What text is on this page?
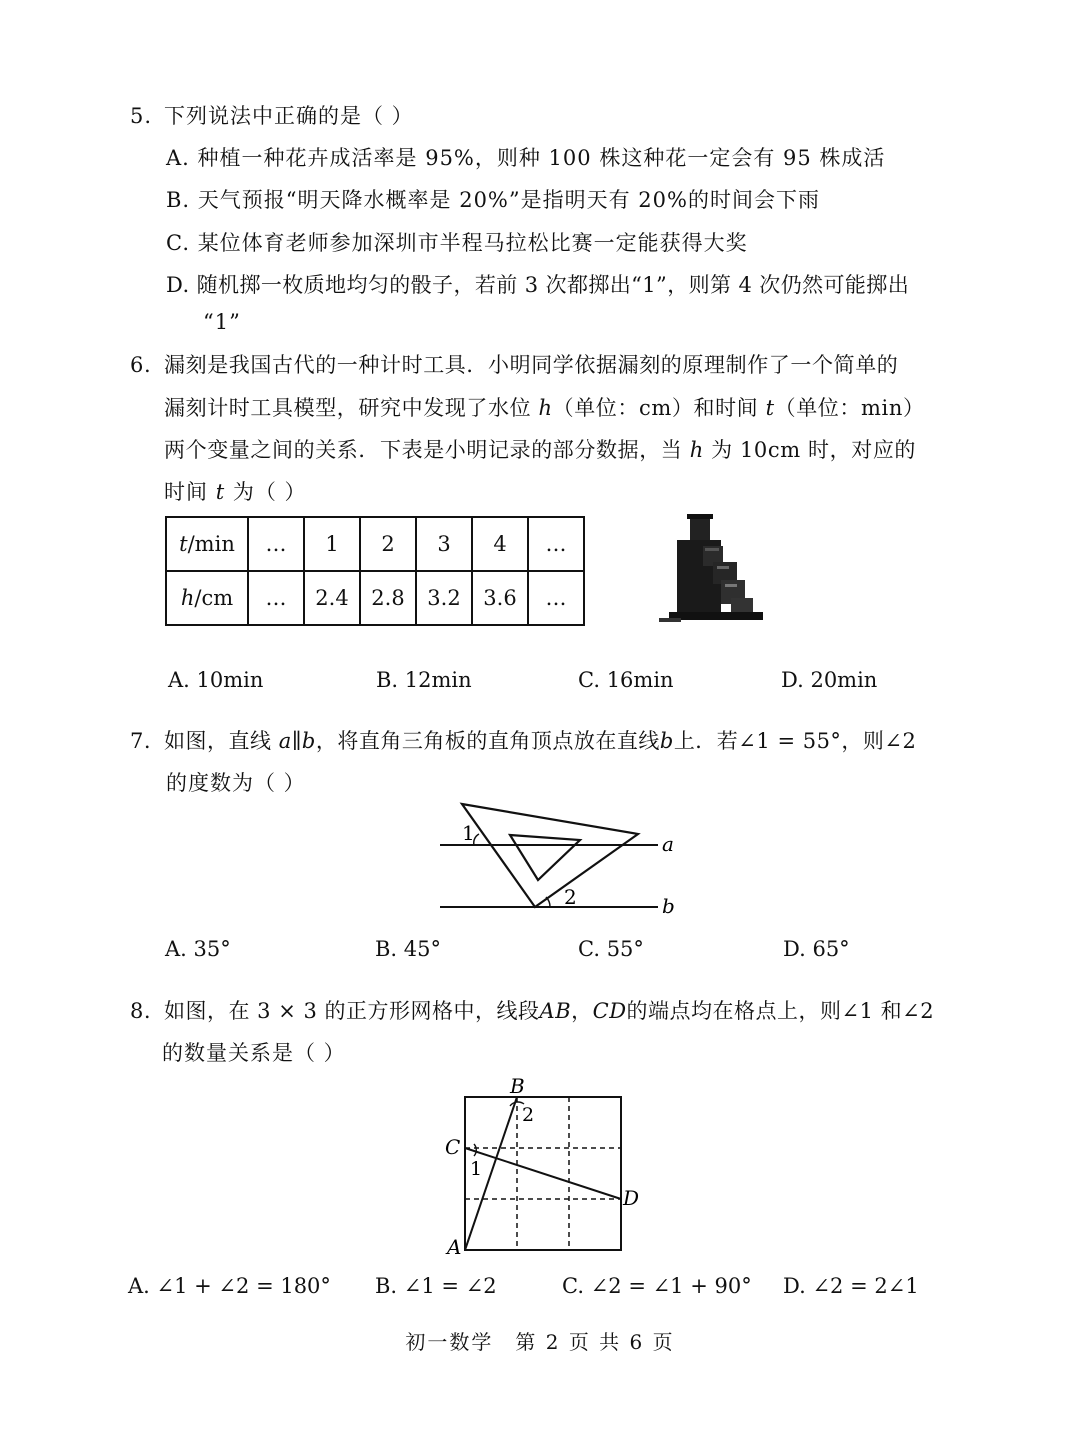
5. 下列说法中正确的是（ ）
A. 种植一种花卉成活率是 95%，则种 100 株这种花一定会有 95 株成活
B. 天气预报“明天降水概率是 20%”是指明天有 20%的时间会下雨
C. 某位体育老师参加深圳市半程马拉松比赛一定能获得大奖
D. 随机掷一枚质地均匀的骰子，若前 3 次都掷出“1”，则第 4 次仍然可能掷出
“1”
6. 漏刻是我国古代的一种计时工具．小明同学依据漏刻的原理制作了一个简单的
漏刻计时工具模型，研究中发现了水位 h（单位：cm）和时间 t（单位：min）
两个变量之间的关系．下表是小明记录的部分数据，当 h 为 10cm 时，对应的
时间 t 为（ ）
t/min	…	1	2	3	4	…
h/cm	…	2.4	2.8	3.2	3.6	…
A. 10min	B. 12min	C. 16min	D. 20min
7. 如图，直线 a∥b，将直角三角板的直角顶点放在直线b上．若∠1 = 55°，则∠2
的度数为（ ）
1
2
a
b
A. 35°	B. 45°	C. 55°	D. 65°
8. 如图，在 3 × 3 的正方形网格中，线段AB，CD的端点均在格点上，则∠1 和∠2
的数量关系是（ ）
B
C
D
A
1
2
A. ∠1 + ∠2 = 180° B. ∠1 = ∠2	C. ∠2 = ∠1 + 90° D. ∠2 = 2∠1
初一数学　第 2 页 共 6 页
